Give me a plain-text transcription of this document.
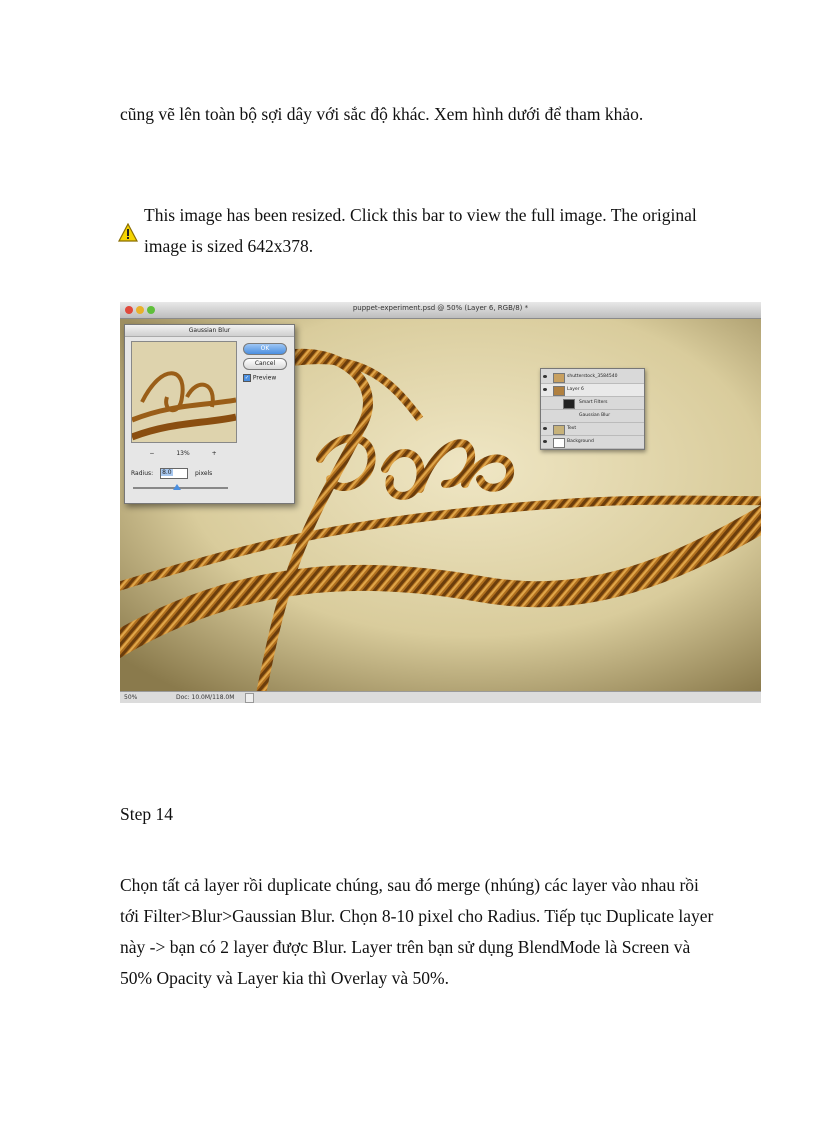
cũng vẽ lên toàn bộ sợi dây với sắc độ khác. Xem hình dưới để tham khảo.

This image has been resized. Click this bar to view the full image. The original image is sized 642x378.
puppet-experiment.psd @ 50% (Layer 6, RGB/8) *
Gaussian Blur
OK
Cancel
✓ Preview
−	13%	+
Radius: 8.0	pixels
shutterstock_3584540
Layer 6
Smart Filters
Gaussian Blur
Text
Background
50%	Doc: 10.0M/118.0M
Step 14

Chọn tất cả layer rồi duplicate chúng, sau đó merge (nhúng) các layer vào nhau rồi tới Filter>Blur>Gaussian Blur. Chọn 8-10 pixel cho Radius. Tiếp tục Duplicate layer này -> bạn có 2 layer được Blur. Layer trên bạn sử dụng BlendMode là Screen và 50% Opacity và Layer kia thì Overlay và 50%.
